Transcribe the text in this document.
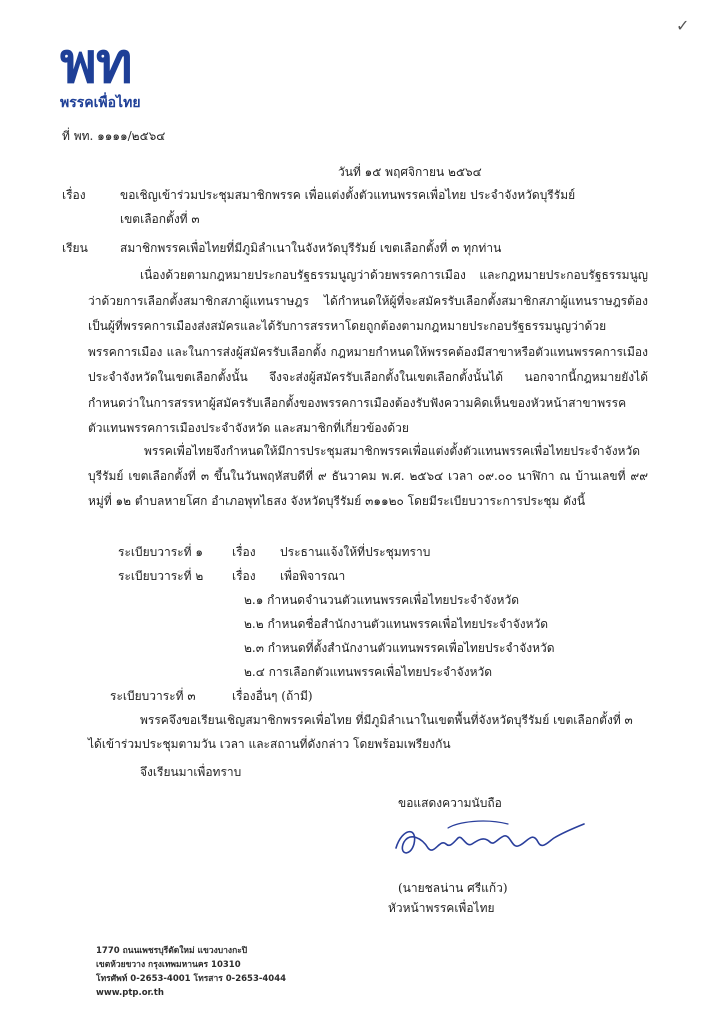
พท
พรรคเพื่อไทย
✓
ที่ พท. ๑๑๑๑/๒๕๖๔
วันที่ ๑๕ พฤศจิกายน ๒๕๖๔
เรื่อง	ขอเชิญเข้าร่วมประชุมสมาชิกพรรค เพื่อแต่งตั้งตัวแทนพรรคเพื่อไทย ประจำจังหวัดบุรีรัมย์
เขตเลือกตั้งที่ ๓
เรียน	สมาชิกพรรคเพื่อไทยที่มีภูมิลำเนาในจังหวัดบุรีรัมย์ เขตเลือกตั้งที่ ๓ ทุกท่าน
เนื่องด้วยตามกฎหมายประกอบรัฐธรรมนูญว่าด้วยพรรคการเมือง และกฎหมายประกอบรัฐธรรมนูญว่าด้วยการเลือกตั้งสมาชิกสภาผู้แทนราษฎร ได้กำหนดให้ผู้ที่จะสมัครรับเลือกตั้งสมาชิกสภาผู้แทนราษฎรต้องเป็นผู้ที่พรรคการเมืองส่งสมัครและได้รับการสรรหาโดยถูกต้องตามกฎหมายประกอบรัฐธรรมนูญว่าด้วยพรรคการเมือง และในการส่งผู้สมัครรับเลือกตั้ง กฎหมายกำหนดให้พรรคต้องมีสาขาหรือตัวแทนพรรคการเมืองประจำจังหวัดในเขตเลือกตั้งนั้น จึงจะส่งผู้สมัครรับเลือกตั้งในเขตเลือกตั้งนั้นได้ นอกจากนี้กฎหมายยังได้กำหนดว่าในการสรรหาผู้สมัครรับเลือกตั้งของพรรคการเมืองต้องรับฟังความคิดเห็นของหัวหน้าสาขาพรรค ตัวแทนพรรคการเมืองประจำจังหวัด และสมาชิกที่เกี่ยวข้องด้วย
พรรคเพื่อไทยจึงกำหนดให้มีการประชุมสมาชิกพรรคเพื่อแต่งตั้งตัวแทนพรรคเพื่อไทยประจำจังหวัดบุรีรัมย์ เขตเลือกตั้งที่ ๓ ขึ้นในวันพฤหัสบดีที่ ๙ ธันวาคม พ.ศ. ๒๕๖๔ เวลา ๐๙.๐๐ นาฬิกา ณ บ้านเลขที่ ๙๙ หมู่ที่ ๑๒ ตำบลหายโศก อำเภอพุทไธสง จังหวัดบุรีรัมย์ ๓๑๑๒๐ โดยมีระเบียบวาระการประชุม ดังนี้
ระเบียบวาระที่ ๑ เรื่อง ประธานแจ้งให้ที่ประชุมทราบ
ระเบียบวาระที่ ๒ เรื่อง เพื่อพิจารณา
๒.๑ กำหนดจำนวนตัวแทนพรรคเพื่อไทยประจำจังหวัด
๒.๒ กำหนดชื่อสำนักงานตัวแทนพรรคเพื่อไทยประจำจังหวัด
๒.๓ กำหนดที่ตั้งสำนักงานตัวแทนพรรคเพื่อไทยประจำจังหวัด
๒.๔ การเลือกตัวแทนพรรคเพื่อไทยประจำจังหวัด
ระเบียบวาระที่ ๓	เรื่องอื่นๆ (ถ้ามี)
พรรคจึงขอเรียนเชิญสมาชิกพรรคเพื่อไทย ที่มีภูมิลำเนาในเขตพื้นที่จังหวัดบุรีรัมย์ เขตเลือกตั้งที่ ๓
ได้เข้าร่วมประชุมตามวัน เวลา และสถานที่ดังกล่าว โดยพร้อมเพรียงกัน
จึงเรียนมาเพื่อทราบ
ขอแสดงความนับถือ
(นายชลน่าน ศรีแก้ว)
หัวหน้าพรรคเพื่อไทย
1770 ถนนเพชรบุรีตัดใหม่ แขวงบางกะปิ
เขตห้วยขวาง กรุงเทพมหานคร 10310
โทรศัพท์ 0-2653-4001 โทรสาร 0-2653-4044
www.ptp.or.th
